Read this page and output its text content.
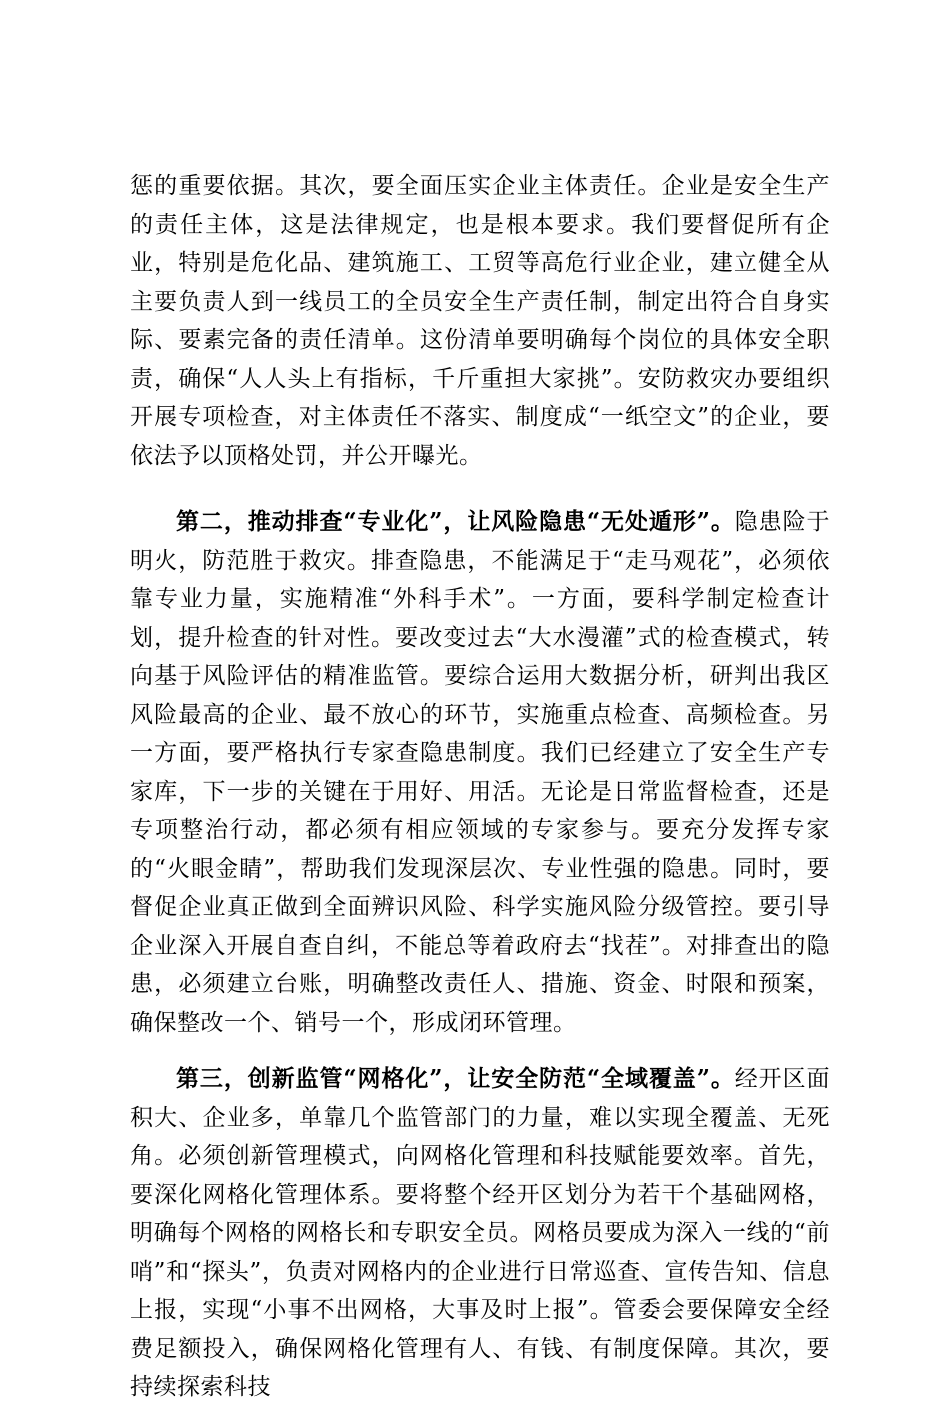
惩的重要依据。其次，要全面压实企业主体责任。企业是安全生产的责任主体，这是法律规定，也是根本要求。我们要督促所有企业，特别是危化品、建筑施工、工贸等高危行业企业，建立健全从主要负责人到一线员工的全员安全生产责任制，制定出符合自身实际、要素完备的责任清单。这份清单要明确每个岗位的具体安全职责，确保“人人头上有指标，千斤重担大家挑”。安防救灾办要组织开展专项检查，对主体责任不落实、制度成“一纸空文”的企业，要依法予以顶格处罚，并公开曝光。

第二，推动排查“专业化”，让风险隐患“无处遁形”。隐患险于明火，防范胜于救灾。排查隐患，不能满足于“走马观花”，必须依靠专业力量，实施精准“外科手术”。一方面，要科学制定检查计划，提升检查的针对性。要改变过去“大水漫灌”式的检查模式，转向基于风险评估的精准监管。要综合运用大数据分析，研判出我区风险最高的企业、最不放心的环节，实施重点检查、高频检查。另一方面，要严格执行专家查隐患制度。我们已经建立了安全生产专家库，下一步的关键在于用好、用活。无论是日常监督检查，还是专项整治行动，都必须有相应领域的专家参与。要充分发挥专家的“火眼金睛”，帮助我们发现深层次、专业性强的隐患。同时，要督促企业真正做到全面辨识风险、科学实施风险分级管控。要引导企业深入开展自查自纠，不能总等着政府去“找茬”。对排查出的隐患，必须建立台账，明确整改责任人、措施、资金、时限和预案，确保整改一个、销号一个，形成闭环管理。

第三，创新监管“网格化”，让安全防范“全域覆盖”。经开区面积大、企业多，单靠几个监管部门的力量，难以实现全覆盖、无死角。必须创新管理模式，向网格化管理和科技赋能要效率。首先，要深化网格化管理体系。要将整个经开区划分为若干个基础网格，明确每个网格的网格长和专职安全员。网格员要成为深入一线的“前哨”和“探头”，负责对网格内的企业进行日常巡查、宣传告知、信息上报，实现“小事不出网格，大事及时上报”。管委会要保障安全经费足额投入，确保网格化管理有人、有钱、有制度保障。其次，要持续探索科技
